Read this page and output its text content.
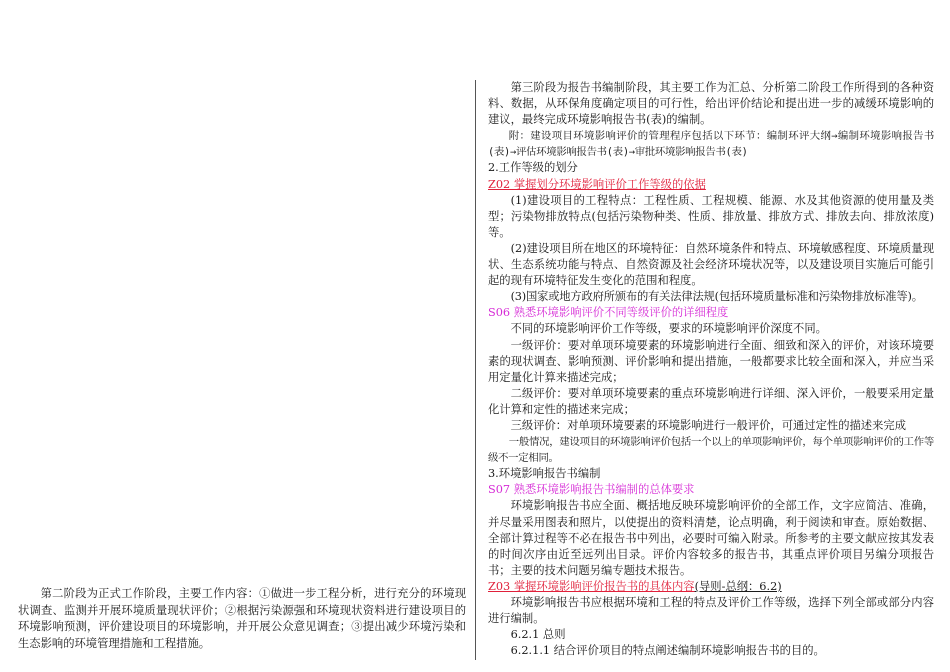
第二阶段为正式工作阶段，主要工作内容：①做进一步工程分析，进行充分的环境现状调查、监测并开展环境质量现状评价；②根据污染源强和环境现状资料进行建设项目的环境影响预测，评价建设项目的环境影响，并开展公众意见调查；③提出减少环境污染和生态影响的环境管理措施和工程措施。

第三阶段为报告书编制阶段，其主要工作为汇总、分析第二阶段工作所得到的各种资料、数据，从环保角度确定项目的可行性，给出评价结论和提出进一步的减缓环境影响的建议，最终完成环境影响报告书(表)的编制。

附：建设项目环境影响评价的管理程序包括以下环节：编制环评大纲→编制环境影响报告书(表)→评估环境影响报告书(表)→审批环境影响报告书(表)

2.工作等级的划分

Z02 掌握划分环境影响评价工作等级的依据

(1)建设项目的工程特点：工程性质、工程规模、能源、水及其他资源的使用量及类型；污染物排放特点(包括污染物种类、性质、排放量、排放方式、排放去向、排放浓度)等。

(2)建设项目所在地区的环境特征：自然环境条件和特点、环境敏感程度、环境质量现状、生态系统功能与特点、自然资源及社会经济环境状况等，以及建设项目实施后可能引起的现有环境特征发生变化的范围和程度。

(3)国家或地方政府所颁布的有关法律法规(包括环境质量标准和污染物排放标准等)。

S06 熟悉环境影响评价不同等级评价的详细程度

不同的环境影响评价工作等级，要求的环境影响评价深度不同。

一级评价：要对单项环境要素的环境影响进行全面、细致和深入的评价，对该环境要素的现状调查、影响预测、评价影响和提出措施，一般都要求比较全面和深入，并应当采用定量化计算来描述完成；

二级评价：要对单项环境要素的重点环境影响进行详细、深入评价，一般要采用定量化计算和定性的描述来完成；

三级评价：对单项环境要素的环境影响进行一般评价，可通过定性的描述来完成

一般情况，建设项目的环境影响评价包括一个以上的单项影响评价，每个单项影响评价的工作等级不一定相同。

3.环境影响报告书编制

S07 熟悉环境影响报告书编制的总体要求

环境影响报告书应全面、概括地反映环境影响评价的全部工作，文字应简洁、准确，并尽量采用图表和照片，以使提出的资料清楚，论点明确，利于阅读和审查。原始数据、全部计算过程等不必在报告书中列出，必要时可编入附录。所参考的主要文献应按其发表的时间次序由近至远列出目录。评价内容较多的报告书，其重点评价项目另编分项报告书；主要的技术问题另编专题技术报告。

Z03 掌握环境影响评价报告书的具体内容(导则-总纲：6.2)

环境影响报告书应根据环境和工程的特点及评价工作等级，选择下列全部或部分内容进行编制。

6.2.1 总则

6.2.1.1 结合评价项目的特点阐述编制环境影响报告书的目的。
